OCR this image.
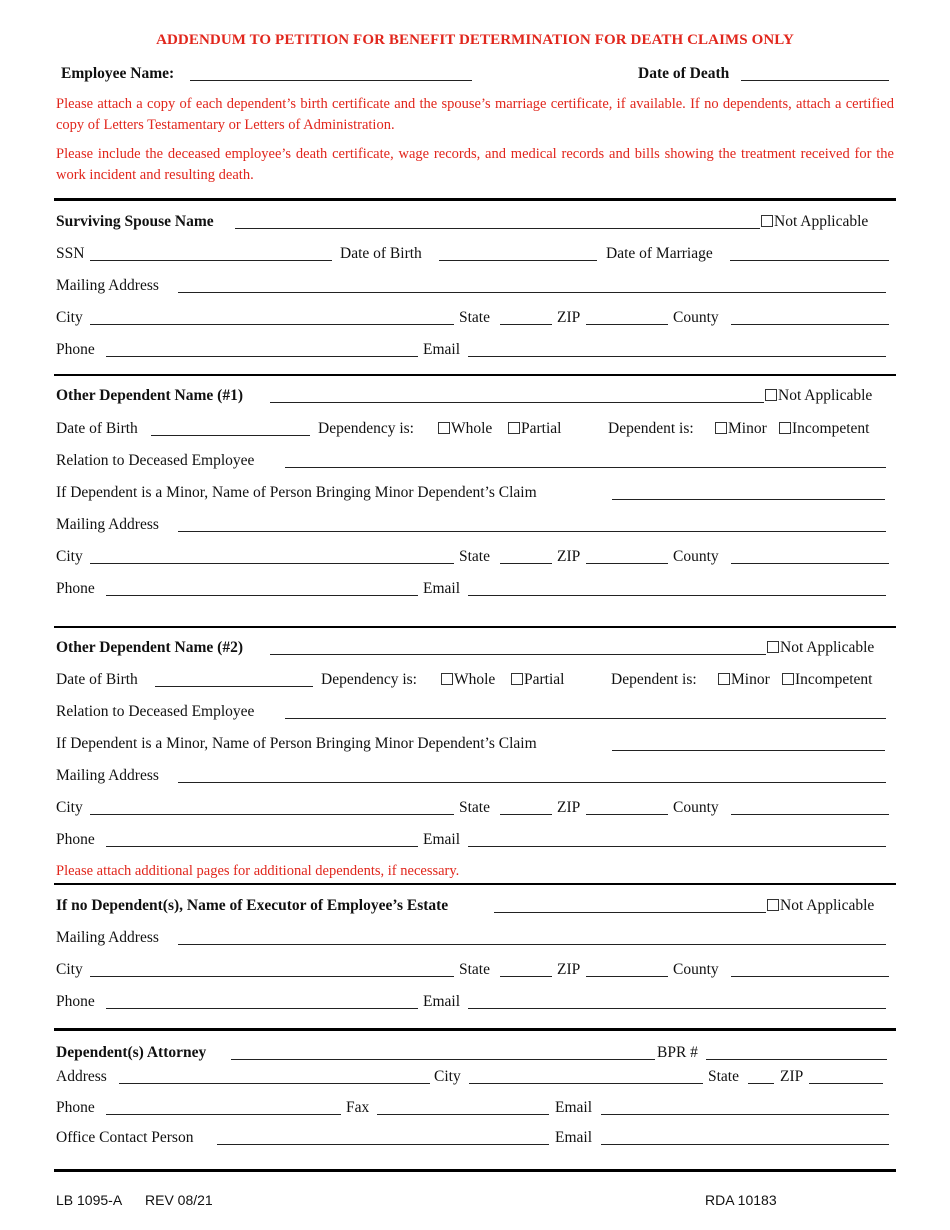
ADDENDUM TO PETITION FOR BENEFIT DETERMINATION FOR DEATH CLAIMS ONLY
Employee Name:	Date of Death
Please attach a copy of each dependent’s birth certificate and the spouse’s marriage certificate, if available. If no dependents, attach a certified copy of Letters Testamentary or Letters of Administration.
Please include the deceased employee’s death certificate, wage records, and medical records and bills showing the treatment received for the work incident and resulting death.
Surviving Spouse Name	Not Applicable
SSN	Date of Birth	Date of Marriage
Mailing Address
City	State	ZIP	County
Phone	Email
Other Dependent Name (#1)	Not Applicable
Date of Birth	Dependency is:	Whole	Partial	Dependent is:	Minor	Incompetent
Relation to Deceased Employee
If Dependent is a Minor, Name of Person Bringing Minor Dependent’s Claim
Mailing Address
City	State	ZIP	County
Phone	Email
Other Dependent Name (#2)	Not Applicable
Date of Birth	Dependency is:	Whole	Partial	Dependent is:	Minor	Incompetent
Relation to Deceased Employee
If Dependent is a Minor, Name of Person Bringing Minor Dependent’s Claim
Mailing Address
City	State	ZIP	County
Phone	Email
Please attach additional pages for additional dependents, if necessary.
If no Dependent(s), Name of Executor of Employee’s Estate	Not Applicable
Mailing Address
City	State	ZIP	County
Phone	Email
Dependent(s) Attorney	BPR #
Address	City	State	ZIP
Phone	Fax	Email
Office Contact Person	Email
LB 1095-A REV 08/21	RDA 10183
